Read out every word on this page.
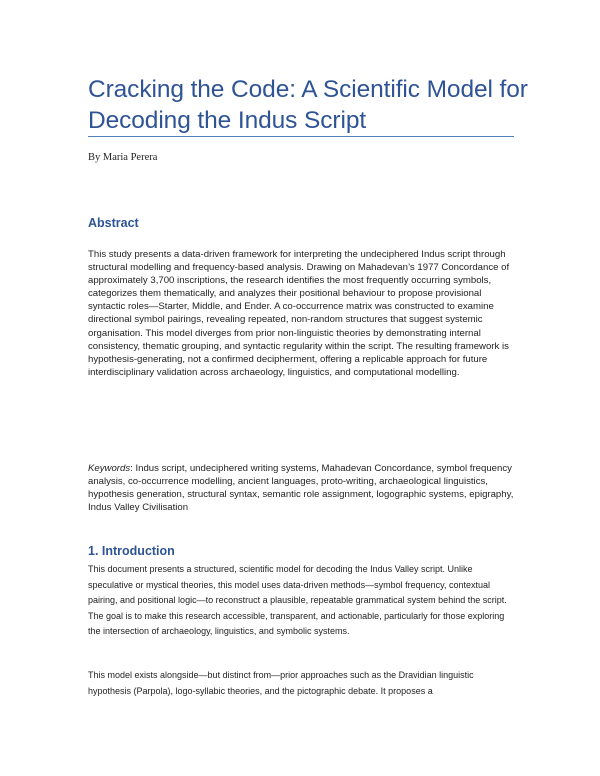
Cracking the Code: A Scientific Model for Decoding the Indus Script
By Maria Perera
Abstract

This study presents a data-driven framework for interpreting the undeciphered Indus script through structural modelling and frequency-based analysis. Drawing on Mahadevan’s 1977 Concordance of approximately 3,700 inscriptions, the research identifies the most frequently occurring symbols, categorizes them thematically, and analyzes their positional behaviour to propose provisional syntactic roles—Starter, Middle, and Ender. A co-occurrence matrix was constructed to examine directional symbol pairings, revealing repeated, non-random structures that suggest systemic organisation. This model diverges from prior non-linguistic theories by demonstrating internal consistency, thematic grouping, and syntactic regularity within the script. The resulting framework is hypothesis-generating, not a confirmed decipherment, offering a replicable approach for future interdisciplinary validation across archaeology, linguistics, and computational modelling.

Keywords: Indus script, undeciphered writing systems, Mahadevan Concordance, symbol frequency analysis, co-occurrence modelling, ancient languages, proto-writing, archaeological linguistics, hypothesis generation, structural syntax, semantic role assignment, logographic systems, epigraphy, Indus Valley Civilisation

1. Introduction

This document presents a structured, scientific model for decoding the Indus Valley script. Unlike speculative or mystical theories, this model uses data-driven methods—symbol frequency, contextual pairing, and positional logic—to reconstruct a plausible, repeatable grammatical system behind the script. The goal is to make this research accessible, transparent, and actionable, particularly for those exploring the intersection of archaeology, linguistics, and symbolic systems.

This model exists alongside—but distinct from—prior approaches such as the Dravidian linguistic hypothesis (Parpola), logo-syllabic theories, and the pictographic debate. It proposes a
